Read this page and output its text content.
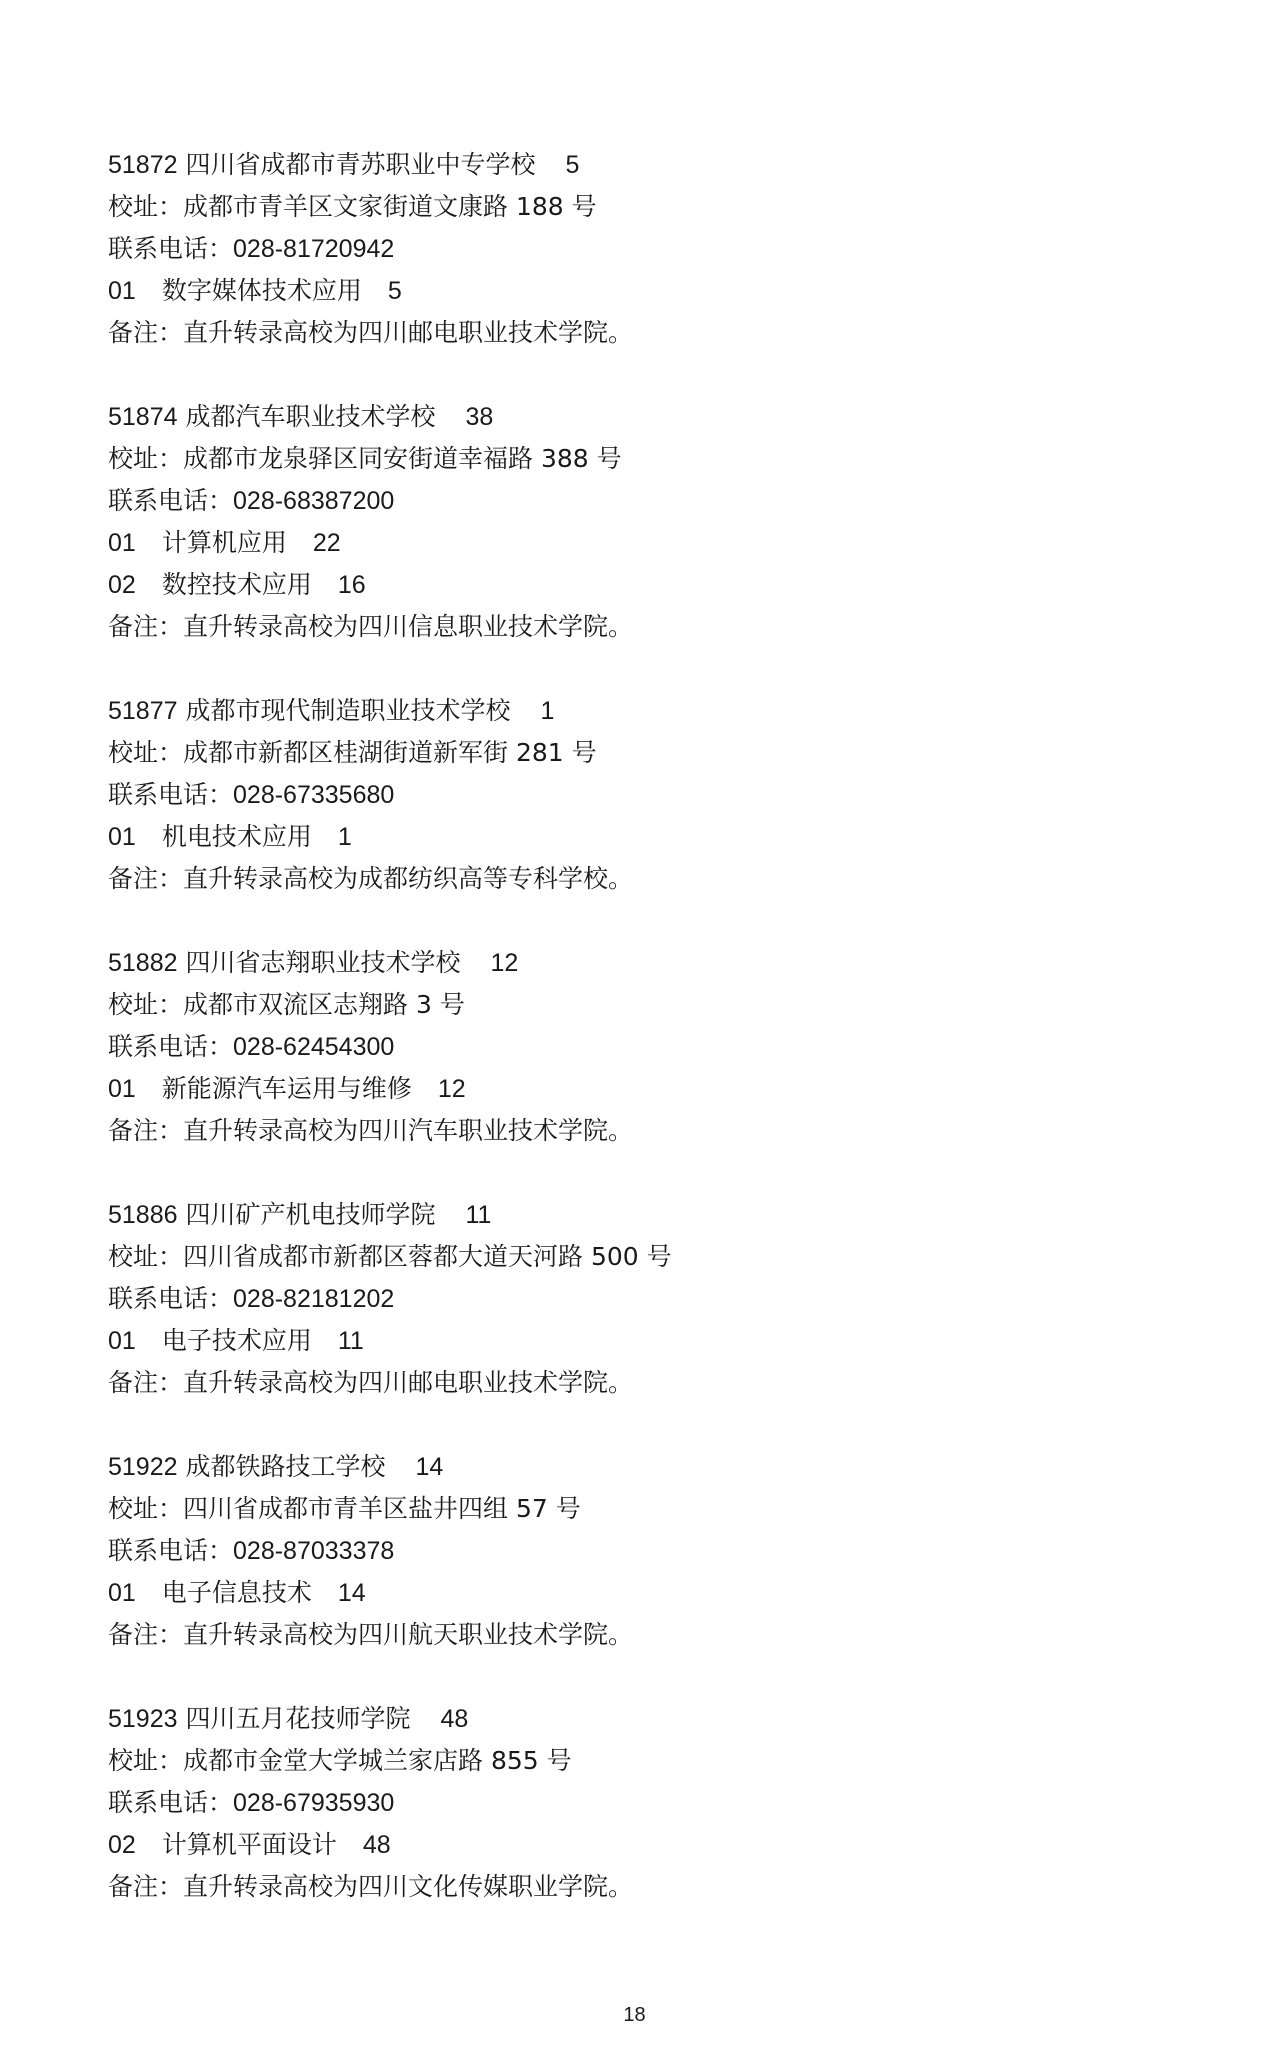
51872 四川省成都市青苏职业中专学校 5
校址：成都市青羊区文家街道文康路 188 号
联系电话：028-81720942
01 数字媒体技术应用 5
备注：直升转录高校为四川邮电职业技术学院。
51874 成都汽车职业技术学校 38
校址：成都市龙泉驿区同安街道幸福路 388 号
联系电话：028-68387200
01 计算机应用 22
02 数控技术应用 16
备注：直升转录高校为四川信息职业技术学院。
51877 成都市现代制造职业技术学校 1
校址：成都市新都区桂湖街道新军街 281 号
联系电话：028-67335680
01 机电技术应用 1
备注：直升转录高校为成都纺织高等专科学校。
51882 四川省志翔职业技术学校 12
校址：成都市双流区志翔路 3 号
联系电话：028-62454300
01 新能源汽车运用与维修 12
备注：直升转录高校为四川汽车职业技术学院。
51886 四川矿产机电技师学院 11
校址：四川省成都市新都区蓉都大道天河路 500 号
联系电话：028-82181202
01 电子技术应用 11
备注：直升转录高校为四川邮电职业技术学院。
51922 成都铁路技工学校 14
校址：四川省成都市青羊区盐井四组 57 号
联系电话：028-87033378
01 电子信息技术 14
备注：直升转录高校为四川航天职业技术学院。
51923 四川五月花技师学院 48
校址：成都市金堂大学城兰家店路 855 号
联系电话：028-67935930
02 计算机平面设计 48
备注：直升转录高校为四川文化传媒职业学院。
18
